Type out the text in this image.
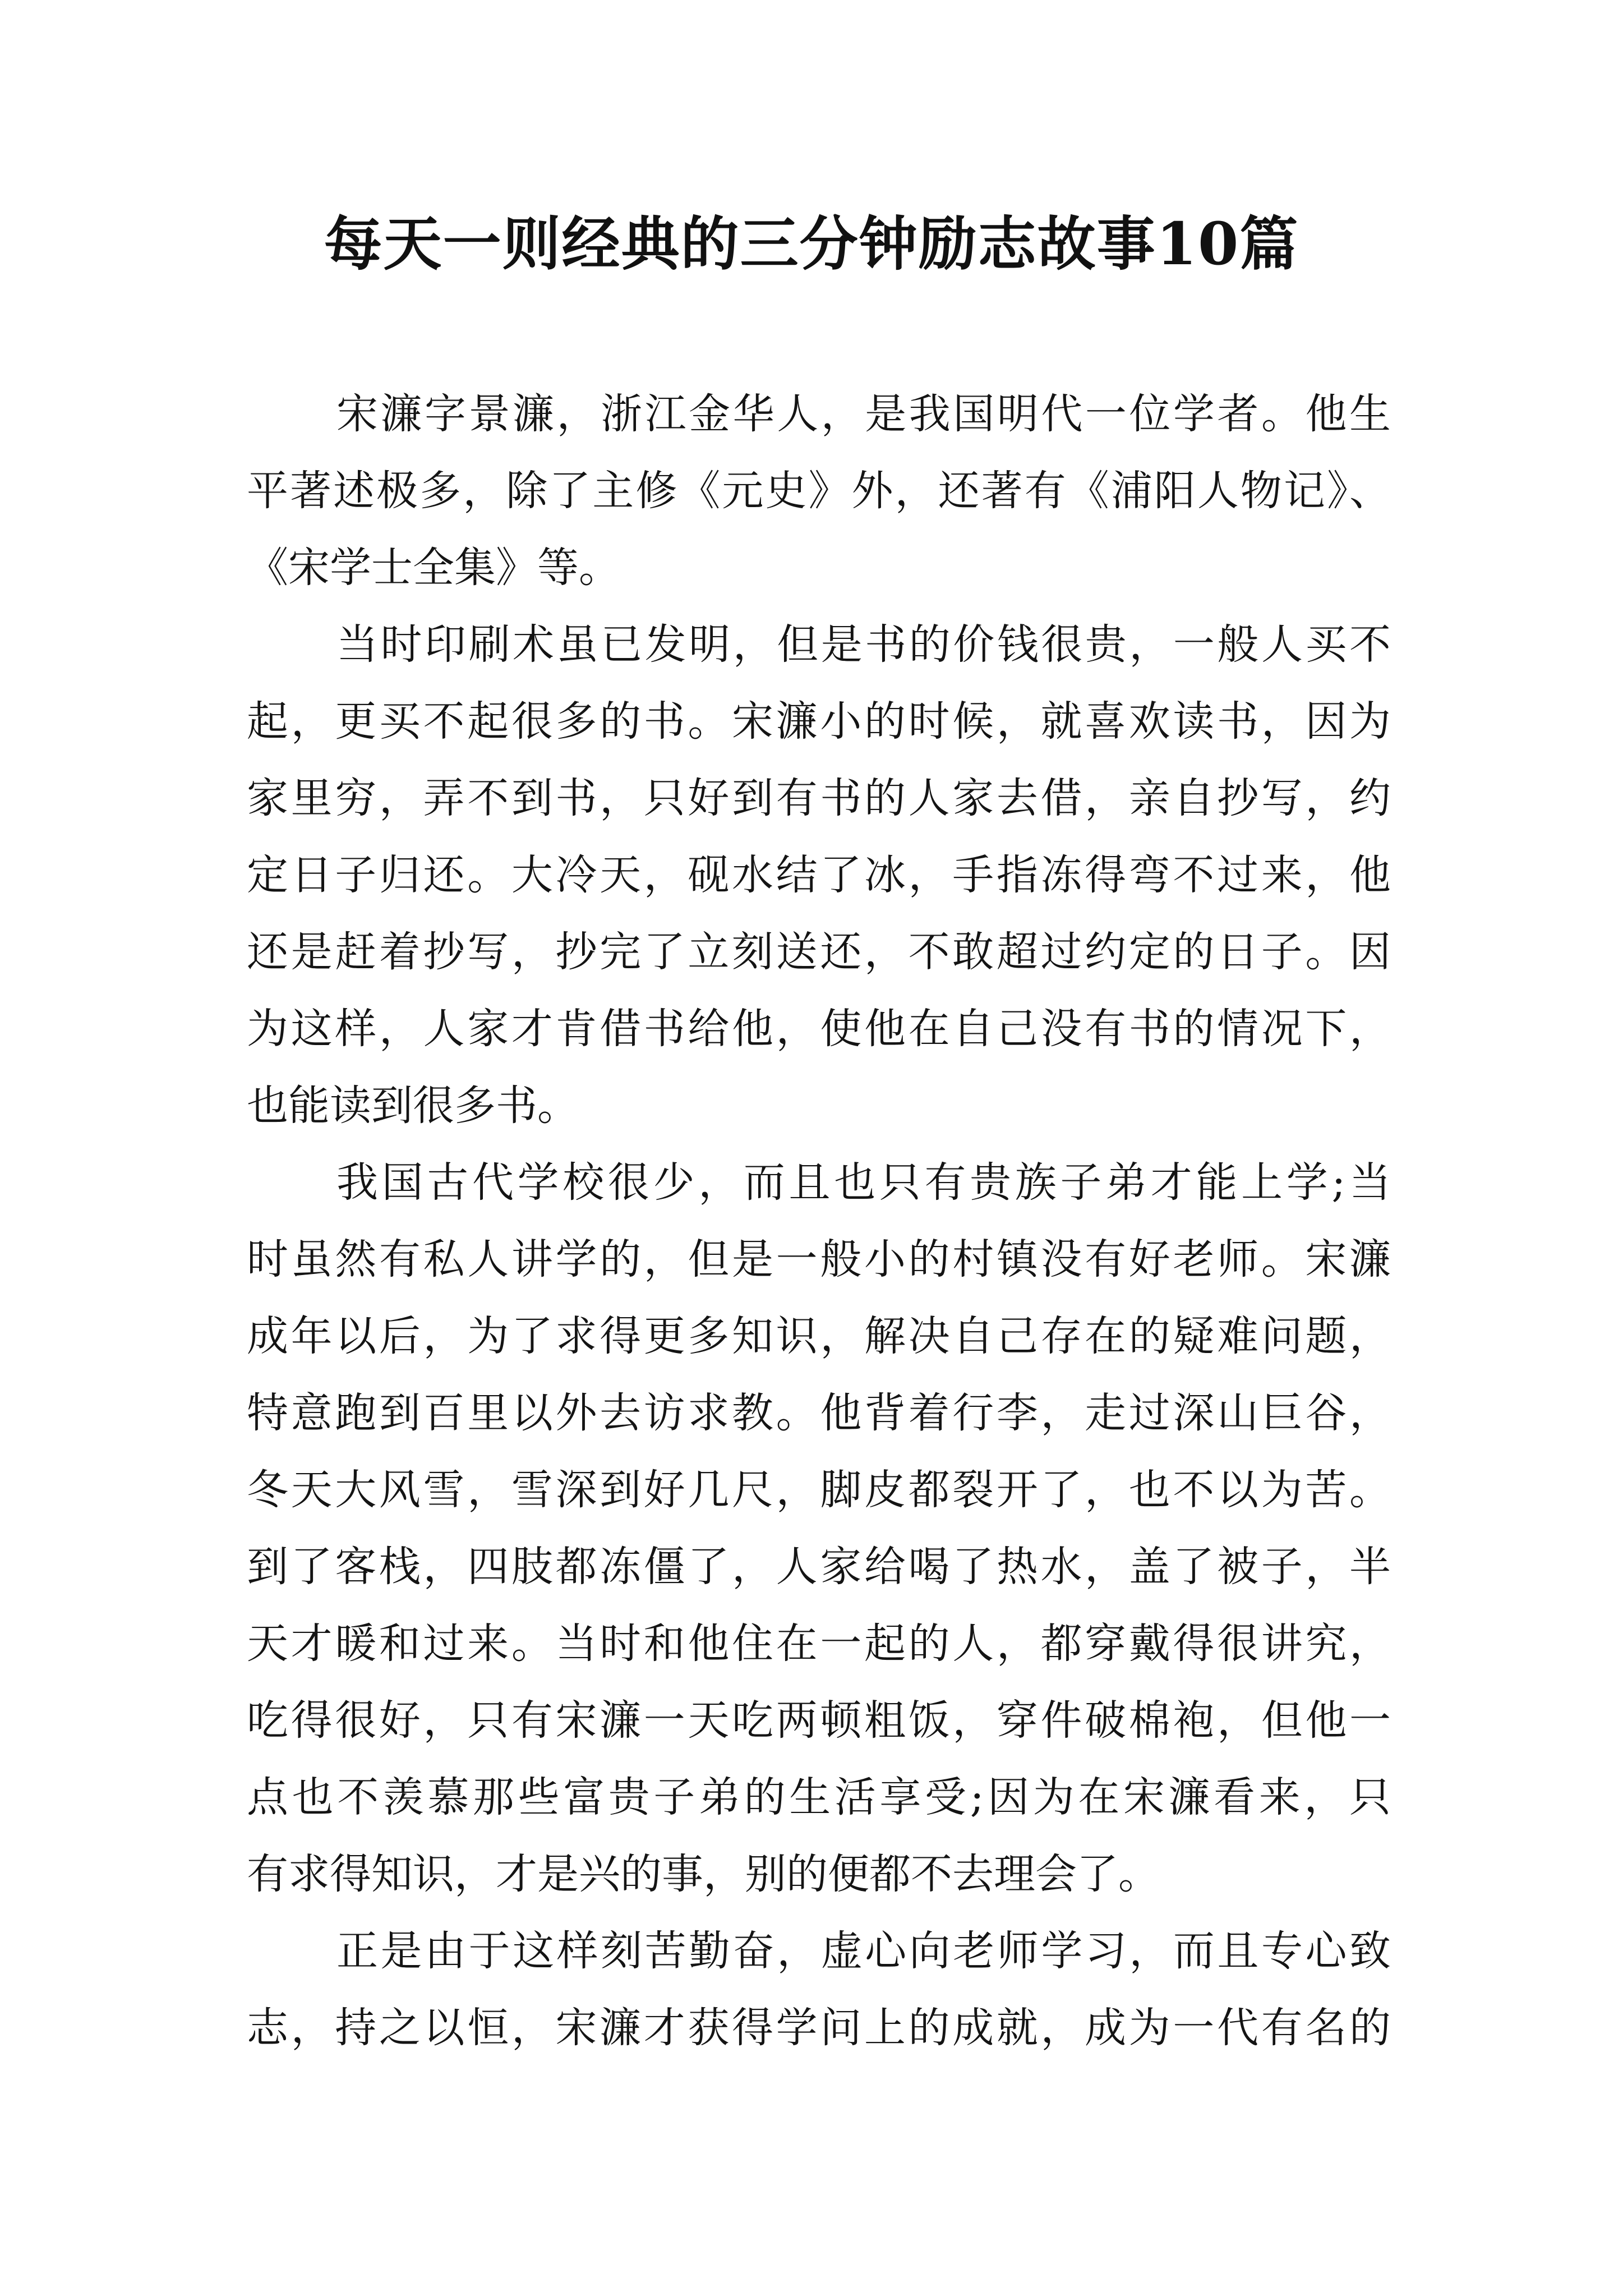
每天一则经典的三分钟励志故事10篇

宋濂字景濂，浙江金华人，是我国明代一位学者。他生

平著述极多，除了主修《元史》外，还著有《浦阳人物记》、

《宋学士全集》等。

当时印刷术虽已发明，但是书的价钱很贵，一般人买不

起，更买不起很多的书。宋濂小的时候，就喜欢读书，因为

家里穷，弄不到书，只好到有书的人家去借，亲自抄写，约

定日子归还。大冷天，砚水结了冰，手指冻得弯不过来，他

还是赶着抄写，抄完了立刻送还，不敢超过约定的日子。因

为这样，人家才肯借书给他，使他在自己没有书的情况下，

也能读到很多书。

我国古代学校很少，而且也只有贵族子弟才能上学;当

时虽然有私人讲学的，但是一般小的村镇没有好老师。宋濂

成年以后，为了求得更多知识，解决自己存在的疑难问题，

特意跑到百里以外去访求教。他背着行李，走过深山巨谷，

冬天大风雪，雪深到好几尺，脚皮都裂开了，也不以为苦。

到了客栈，四肢都冻僵了，人家给喝了热水，盖了被子，半

天才暖和过来。当时和他住在一起的人，都穿戴得很讲究，

吃得很好，只有宋濂一天吃两顿粗饭，穿件破棉袍，但他一

点也不羡慕那些富贵子弟的生活享受;因为在宋濂看来，只

有求得知识，才是兴的事，别的便都不去理会了。

正是由于这样刻苦勤奋，虚心向老师学习，而且专心致

志，持之以恒，宋濂才获得学问上的成就，成为一代有名的
